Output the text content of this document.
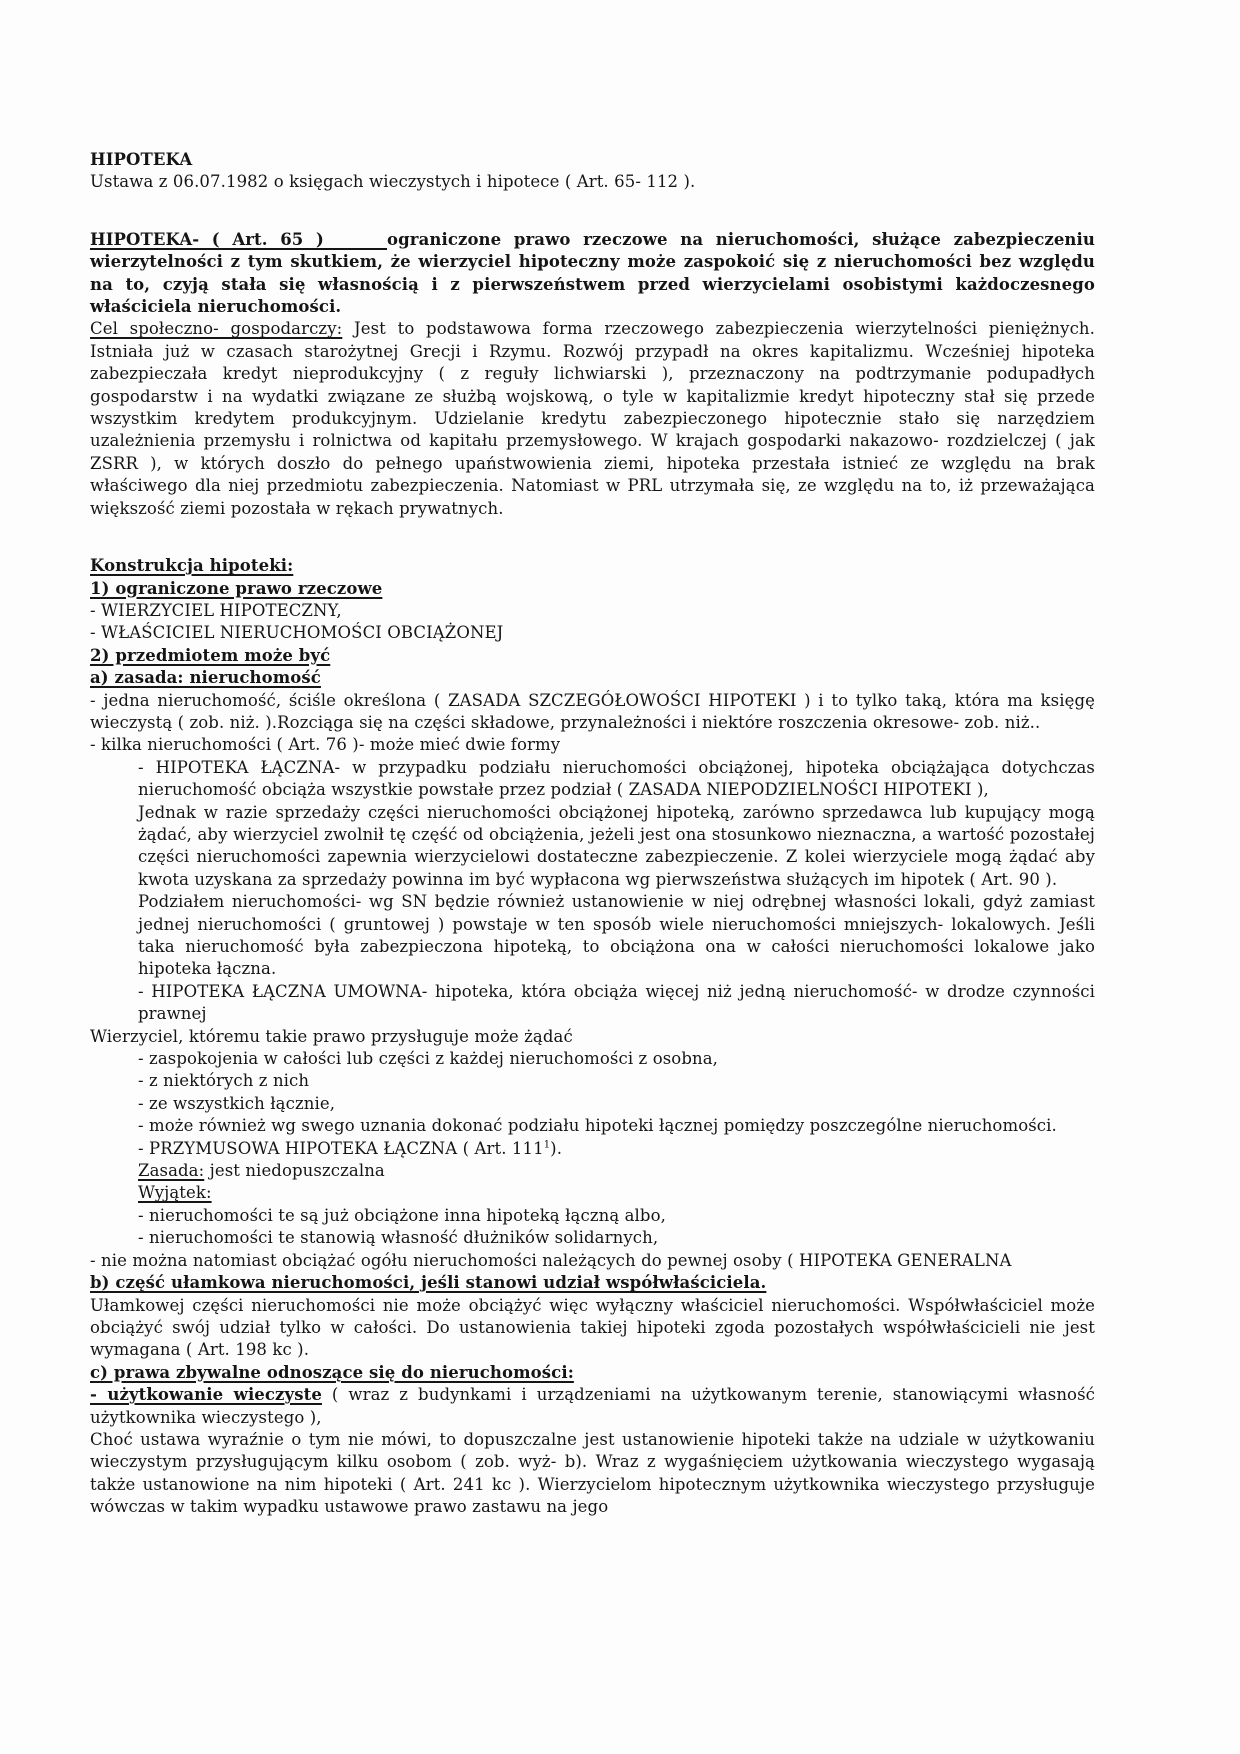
HIPOTEKA

Ustawa z 06.07.1982 o księgach wieczystych i hipotece ( Art. 65- 112 ).

HIPOTEKA- ( Art. 65 )     ograniczone prawo rzeczowe na nieruchomości, służące zabezpieczeniu wierzytelności z tym skutkiem, że wierzyciel hipoteczny może zaspokoić się z nieruchomości bez względu na to, czyją stała się własnością i z pierwszeństwem przed wierzycielami osobistymi każdoczesnego właściciela nieruchomości.

Cel społeczno- gospodarczy: Jest to podstawowa forma rzeczowego zabezpieczenia wierzytelności pieniężnych. Istniała już w czasach starożytnej Grecji i Rzymu. Rozwój przypadł na okres kapitalizmu. Wcześniej hipoteka zabezpieczała kredyt nieprodukcyjny ( z reguły lichwiarski ), przeznaczony na podtrzymanie podupadłych gospodarstw i na wydatki związane ze służbą wojskową, o tyle w kapitalizmie kredyt hipoteczny stał się przede wszystkim kredytem produkcyjnym. Udzielanie kredytu zabezpieczonego hipotecznie stało się narzędziem uzależnienia przemysłu i rolnictwa od kapitału przemysłowego. W krajach gospodarki nakazowo- rozdzielczej ( jak ZSRR ), w których doszło do pełnego upaństwowienia ziemi, hipoteka przestała istnieć ze względu na brak właściwego dla niej przedmiotu zabezpieczenia. Natomiast w PRL utrzymała się, ze względu na to, iż przeważająca większość ziemi pozostała w rękach prywatnych.

Konstrukcja hipoteki:

1) ograniczone prawo rzeczowe

- WIERZYCIEL HIPOTECZNY,

- WŁAŚCICIEL NIERUCHOMOŚCI OBCIĄŻONEJ

2) przedmiotem może być

a) zasada: nieruchomość

- jedna nieruchomość, ściśle określona ( ZASADA SZCZEGÓŁOWOŚCI HIPOTEKI ) i to tylko taką, która ma księgę wieczystą ( zob. niż. ).Rozciąga się na części składowe, przynależności i niektóre roszczenia okresowe- zob. niż..

- kilka nieruchomości ( Art. 76 )- może mieć dwie formy

- HIPOTEKA ŁĄCZNA- w przypadku podziału nieruchomości obciążonej, hipoteka obciążająca dotychczas nieruchomość obciąża wszystkie powstałe przez podział ( ZASADA NIEPODZIELNOŚCI HIPOTEKI ),

Jednak w razie sprzedaży części nieruchomości obciążonej hipoteką, zarówno sprzedawca lub kupujący mogą żądać, aby wierzyciel zwolnił tę część od obciążenia, jeżeli jest ona stosunkowo nieznaczna, a wartość pozostałej części nieruchomości zapewnia wierzycielowi dostateczne zabezpieczenie. Z kolei wierzyciele mogą żądać aby kwota uzyskana za sprzedaży powinna im być wypłacona wg pierwszeństwa służących im hipotek ( Art. 90 ).

Podziałem nieruchomości- wg SN będzie również ustanowienie w niej odrębnej własności lokali, gdyż zamiast jednej nieruchomości ( gruntowej ) powstaje w ten sposób wiele nieruchomości mniejszych- lokalowych. Jeśli taka nieruchomość była zabezpieczona hipoteką, to obciążona ona w całości nieruchomości lokalowe jako hipoteka łączna.

- HIPOTEKA ŁĄCZNA UMOWNA- hipoteka, która obciąża więcej niż jedną nieruchomość- w drodze czynności prawnej

Wierzyciel, któremu takie prawo przysługuje może żądać

- zaspokojenia w całości lub części z każdej nieruchomości z osobna,

- z niektórych z nich

- ze wszystkich łącznie,

- może również wg swego uznania dokonać podziału hipoteki łącznej pomiędzy poszczególne nieruchomości.

- PRZYMUSOWA HIPOTEKA ŁĄCZNA ( Art. $111^1$).

Zasada: jest niedopuszczalna

Wyjątek:

- nieruchomości te są już obciążone inna hipoteką łączną albo,

- nieruchomości te stanowią własność dłużników solidarnych,

- nie można natomiast obciążać ogółu nieruchomości należących do pewnej osoby ( HIPOTEKA GENERALNA

b) część ułamkowa nieruchomości, jeśli stanowi udział współwłaściciela.

Ułamkowej części nieruchomości nie może obciążyć więc wyłączny właściciel nieruchomości. Współwłaściciel może obciążyć swój udział tylko w całości. Do ustanowienia takiej hipoteki zgoda pozostałych współwłaścicieli nie jest wymagana ( Art. 198 kc ).

c) prawa zbywalne odnoszące się do nieruchomości:

- użytkowanie wieczyste ( wraz z budynkami i urządzeniami na użytkowanym terenie, stanowiącymi własność użytkownika wieczystego ),

Choć ustawa wyraźnie o tym nie mówi, to dopuszczalne jest ustanowienie hipoteki także na udziale w użytkowaniu wieczystym przysługującym kilku osobom ( zob. wyż- b). Wraz z wygaśnięciem użytkowania wieczystego wygasają także ustanowione na nim hipoteki ( Art. 241 kc ). Wierzycielom hipotecznym użytkownika wieczystego przysługuje wówczas w takim wypadku ustawowe prawo zastawu na jego
